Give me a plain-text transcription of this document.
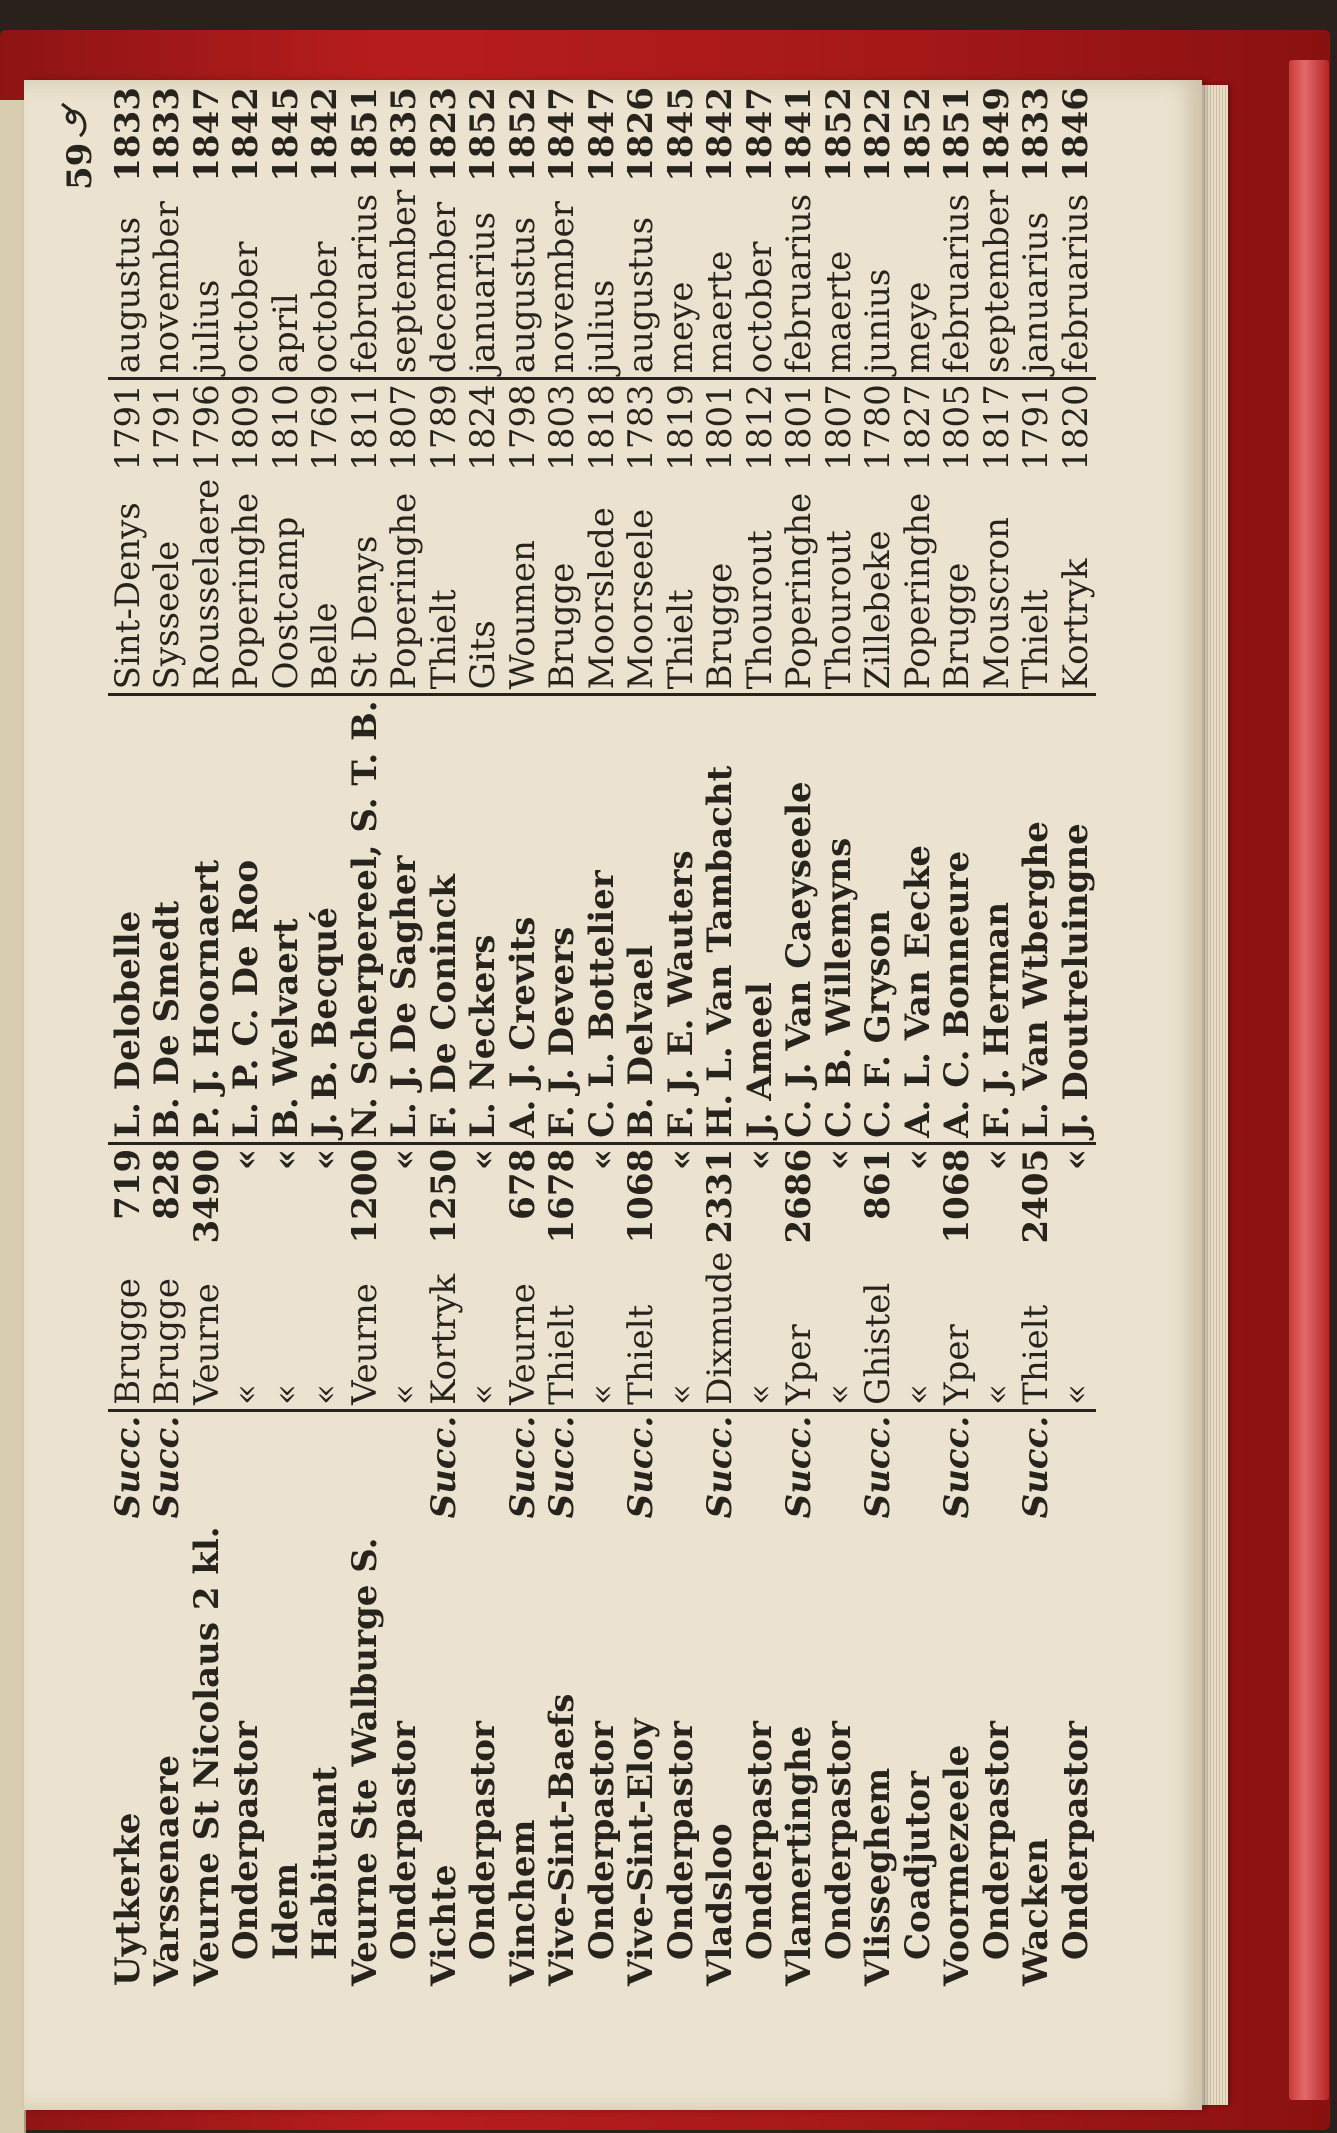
59
Uytkerke	Succ.	Brugge	719	L. Delobelle	Sint-Denys	1791	augustus	1833
Varssenaere	Succ.	Brugge	828	B. De Smedt	Sysseele	1791	november	1833
Veurne St Nicolaus 2 kl.		Veurne	3490	P. J. Hoornaert	Rousselaere	1796	julius	1847
Onderpastor		«	«	L. P. C. De Roo	Poperinghe	1809	october	1842
Idem		«	«	B. Welvaert	Oostcamp	1810	april	1845
Habituant		«	«	J. B. Becqué	Belle	1769	october	1842
Veurne Ste Walburge S.		Veurne	1200	N. Scherpereel, S. T. B.	St Denys	1811	februarius	1851
Onderpastor		«	«	L. J. De Sagher	Poperinghe	1807	september	1835
Vichte	Succ.	Kortryk	1250	F. De Coninck	Thielt	1789	december	1823
Onderpastor		«	«	L. Neckers	Gits	1824	januarius	1852
Vinchem	Succ.	Veurne	678	A. J. Crevits	Woumen	1798	augustus	1852
Vive-Sint-Baefs	Succ.	Thielt	1678	F. J. Devers	Brugge	1803	november	1847
Onderpastor		«	«	C. L. Bottelier	Moorslede	1818	julius	1847
Vive-Sint-Eloy	Succ.	Thielt	1068	B. Delvael	Moorseele	1783	augustus	1826
Onderpastor		«	«	F. J. E. Wauters	Thielt	1819	meye	1845
Vladsloo	Succ.	Dixmude	2331	H. L. Van Tambacht	Brugge	1801	maerte	1842
Onderpastor		«	«	J. Ameel	Thourout	1812	october	1847
Vlamertinghe	Succ.	Yper	2686	C. J. Van Caeyseele	Poperinghe	1801	februarius	1841
Onderpastor		«	«	C. B. Willemyns	Thourout	1807	maerte	1852
Vlisseghem	Succ.	Ghistel	861	C. F. Gryson	Zillebeke	1780	junius	1822
Coadjutor		«	«	A. L. Van Eecke	Poperinghe	1827	meye	1852
Voormezeele	Succ.	Yper	1068	A. C. Bonneure	Brugge	1805	februarius	1851
Onderpastor		«	«	F. J. Herman	Mouscron	1817	september	1849
Wacken	Succ.	Thielt	2405	L. Van Wtberghe	Thielt	1791	januarius	1833
Onderpastor		«	«	J. Doutreluingne	Kortryk	1820	februarius	1846
